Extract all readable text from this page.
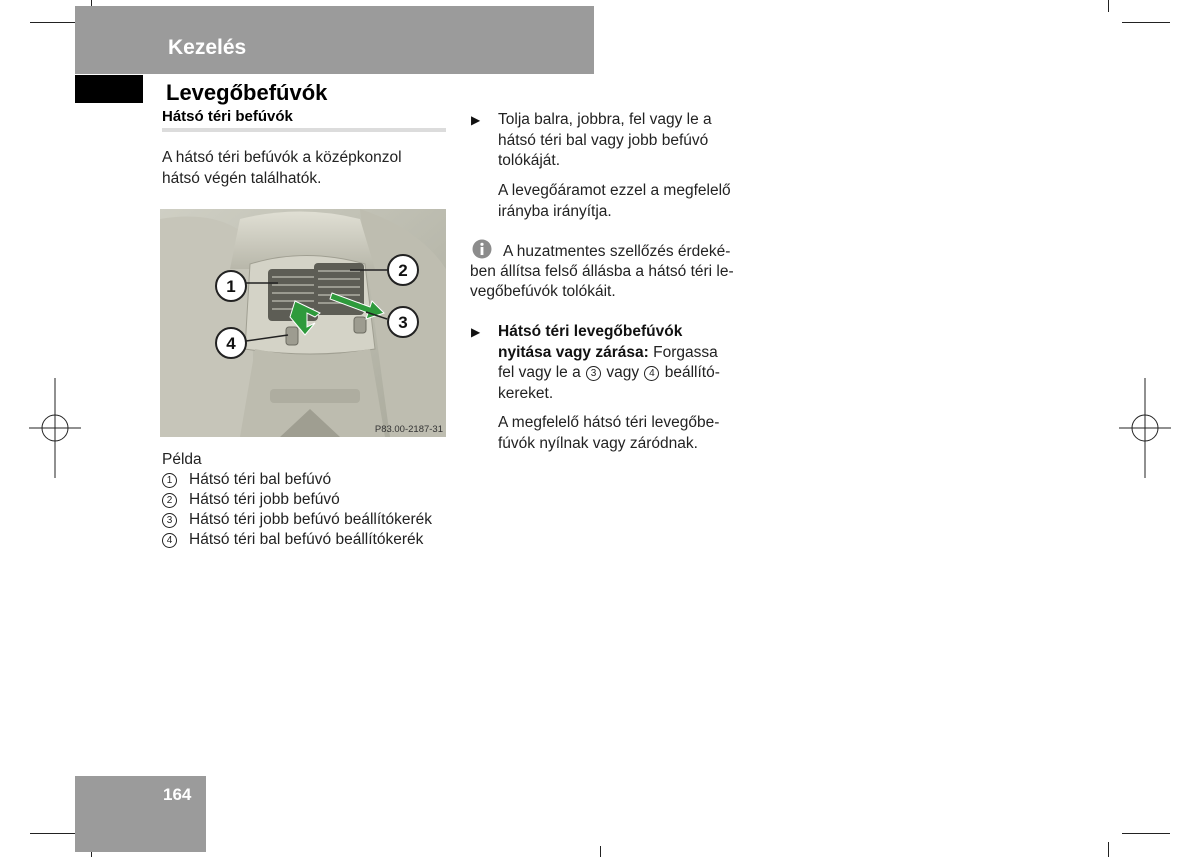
Kezelés
Levegőbefúvók
Hátsó téri befúvók
A hátsó téri befúvók a középkonzol
hátsó végén találhatók.
1
2
3
4
P83.00-2187-31
Példa
1 Hátsó téri bal befúvó
2 Hátsó téri jobb befúvó
3 Hátsó téri jobb befúvó beállítókerék
4 Hátsó téri bal befúvó beállítókerék
▶ Tolja balra, jobbra, fel vagy le a
hátsó téri bal vagy jobb befúvó
tolókáját.
A levegőáramot ezzel a megfelelő
irányba irányítja.
A huzatmentes szellőzés érdeké-
ben állítsa felső állásba a hátsó téri le-
vegőbefúvók tolókáit.
▶ Hátsó téri levegőbefúvók
nyitása vagy zárása: Forgassa
fel vagy le a 3 vagy 4 beállító-
kereket.
A megfelelő hátsó téri levegőbe-
fúvók nyílnak vagy záródnak.
164
